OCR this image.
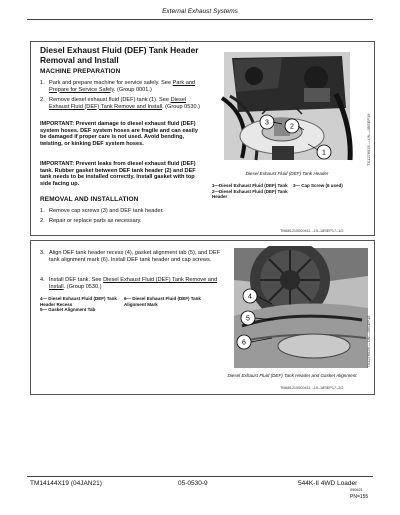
External Exhaust Systems
Diesel Exhaust Fluid (DEF) Tank Header Removal and Install
MACHINE PREPARATION
1. Park and prepare machine for service safely. See Park and Prepare for Service Safely. (Group 0001.)
2. Remove diesel exhaust fluid (DEF) tank (1). See Diesel Exhaust Fluid (DEF) Tank Remove and Install. (Group 0530.)
IMPORTANT: Prevent damage to diesel exhaust fluid (DEF) system hoses. DEF system hoses are fragile and can easily be damaged if proper care is not used. Avoid bending, twisting, or kinking DEF system hoses.
IMPORTANT: Prevent leaks from diesel exhaust fluid (DEF) tank. Rubber gasket between DEF tank header (2) and DEF tank needs to be installed correctly. Install gasket with top side facing up.
REMOVAL AND INSTALLATION
1. Remove cap screws (3) and DEF tank header.
2. Repair or replace parts as necessary.
3
2
1	TX1276525 —UN—09SEP19
Diesel Exhaust Fluid (DEF) Tank Header
1—Diesel Exhaust Fluid (DEF) Tank
2—Diesel Exhaust Fluid (DEF) Tank Header
3— Cap Screw (6 used)
TM681210000411 –19–18SEP17–1/2
3. Align DEF tank header recess (4), gasket alignment tab (5), and DEF tank alignment mark (6). Install DEF tank header and cap screws.
4. Install DEF tank. See Diesel Exhaust Fluid (DEF) Tank Remove and Install. (Group 0530.)
4— Diesel Exhaust Fluid (DEF) Tank Header Recess
5— Gasket Alignment Tab
6— Diesel Exhaust Fluid (DEF) Tank Alignment Mark
4
5
6	TX1276526 —UN—09SEP19
Diesel Exhaust Fluid (DEF) Tank Header and Gasket Alignment
TM681210000411 –19–18SEP17–2/2
TM14144X19 (04JAN21)	05-0530-9	544K-II 4WD Loader
090621
PN=155
